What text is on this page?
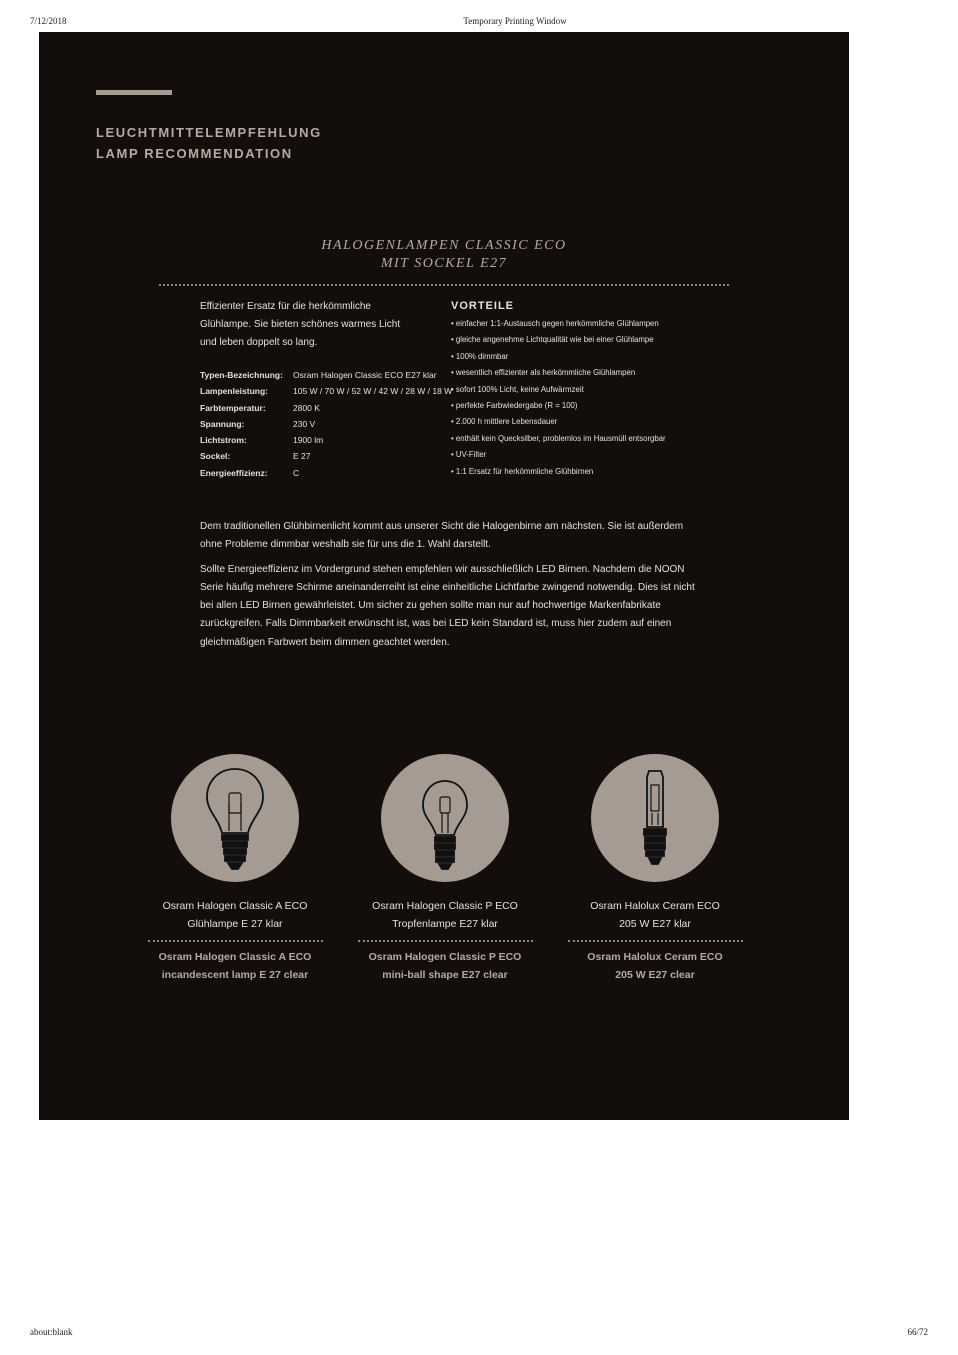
7/12/2018	Temporary Printing Window
LEUCHTMITTELEMPFEHLUNG
LAMP RECOMMENDATION
HALOGENLAMPEN CLASSIC ECO
MIT SOCKEL E27
Effizienter Ersatz für die herkömmliche
Glühlampe. Sie bieten schönes warmes Licht
und leben doppelt so lang.
Typen-Bezeichnung:	Osram Halogen Classic ECO E27 klar
Lampenleistung:	105 W / 70 W / 52 W / 42 W / 28 W / 18 W
Farbtemperatur:	2800 K
Spannung:	230 V
Lichtstrom:	1900 lm
Sockel:	E 27
Energieeffizienz:	C
VORTEILE
• einfacher 1:1-Austausch gegen herkömmliche Glühlampen
• gleiche angenehme Lichtqualität wie bei einer Glühlampe
• 100% dimmbar
• wesentlich effizienter als herkömmliche Glühlampen
• sofort 100% Licht, keine Aufwärmzeit
• perfekte Farbwiedergabe (R = 100)
• 2.000 h mittlere Lebensdauer
• enthält kein Quecksilber, problemlos im Hausmüll entsorgbar
• UV-Filter
• 1:1 Ersatz für herkömmliche Glühbirnen

Dem traditionellen Glühbirnenlicht kommt aus unserer Sicht die Halogenbirne am nächsten. Sie ist außerdem ohne Probleme dimmbar weshalb sie für uns die 1. Wahl darstellt.

Sollte Energieeffizienz im Vordergrund stehen empfehlen wir ausschließlich LED Birnen. Nachdem die NOON Serie häufig mehrere Schirme aneinanderreiht ist eine einheitliche Lichtfarbe zwingend notwendig. Dies ist nicht bei allen LED Birnen gewährleistet. Um sicher zu gehen sollte man nur auf hochwertige Markenfabrikate zurückgreifen. Falls Dimmbarkeit erwünscht ist, was bei LED kein Standard ist, muss hier zudem auf einen gleichmäßigen Farbwert beim dimmen geachtet werden.

Osram Halogen Classic A ECO
Glühlampe E 27 klar
Osram Halogen Classic A ECO
incandescent lamp E 27 clear
Osram Halogen Classic P ECO
Tropfenlampe E27 klar
Osram Halogen Classic P ECO
mini-ball shape E27 clear
Osram Halolux Ceram ECO
205 W E27 klar
Osram Halolux Ceram ECO
205 W E27 clear
about:blank	66/72
